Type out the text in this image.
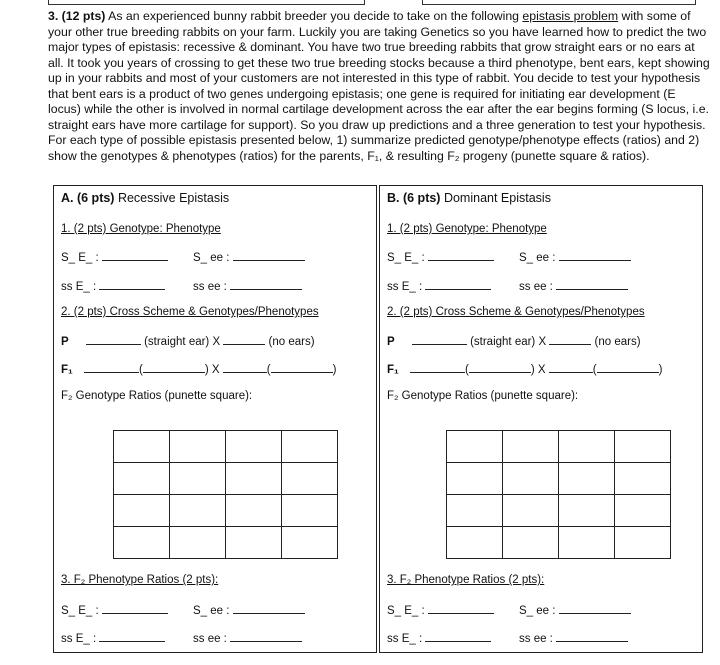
3. (12 pts) As an experienced bunny rabbit breeder you decide to take on the following epistasis problem with some of your other true breeding rabbits on your farm. Luckily you are taking Genetics so you have learned how to predict the two major types of epistasis: recessive & dominant. You have two true breeding rabbits that grow straight ears or no ears at all. It took you years of crossing to get these two true breeding stocks because a third phenotype, bent ears, kept showing up in your rabbits and most of your customers are not interested in this type of rabbit. You decide to test your hypothesis that bent ears is a product of two genes undergoing epistasis; one gene is required for initiating ear development (E locus) while the other is involved in normal cartilage development across the ear after the ear begins forming (S locus, i.e. straight ears have more cartilage for support). So you draw up predictions and a three generation to test your hypothesis. For each type of possible epistasis presented below, 1) summarize predicted genotype/phenotype effects (ratios) and 2) show the genotypes & phenotypes (ratios) for the parents, F₁, & resulting F₂ progeny (punette square & ratios).

A. (6 pts) Recessive Epistasis
1. (2 pts) Genotype: Phenotype
S_ E_ :	S_ ee :
ss E_ :	ss ee :
2. (2 pts) Cross Scheme & Genotypes/Phenotypes
P	(straight ear) X	(no ears)
F₁	(	) X	(	)
F₂ Genotype Ratios (punette square):

3. F₂ Phenotype Ratios (2 pts):
S_ E_ :	S_ ee :
ss E_ :	ss ee :
B. (6 pts) Dominant Epistasis
1. (2 pts) Genotype: Phenotype
S_ E_ :	S_ ee :
ss E_ :	ss ee :
2. (2 pts) Cross Scheme & Genotypes/Phenotypes
P	(straight ear) X	(no ears)
F₁	(	) X	(	)
F₂ Genotype Ratios (punette square):

3. F₂ Phenotype Ratios (2 pts):
S_ E_ :	S_ ee :
ss E_ :	ss ee :
